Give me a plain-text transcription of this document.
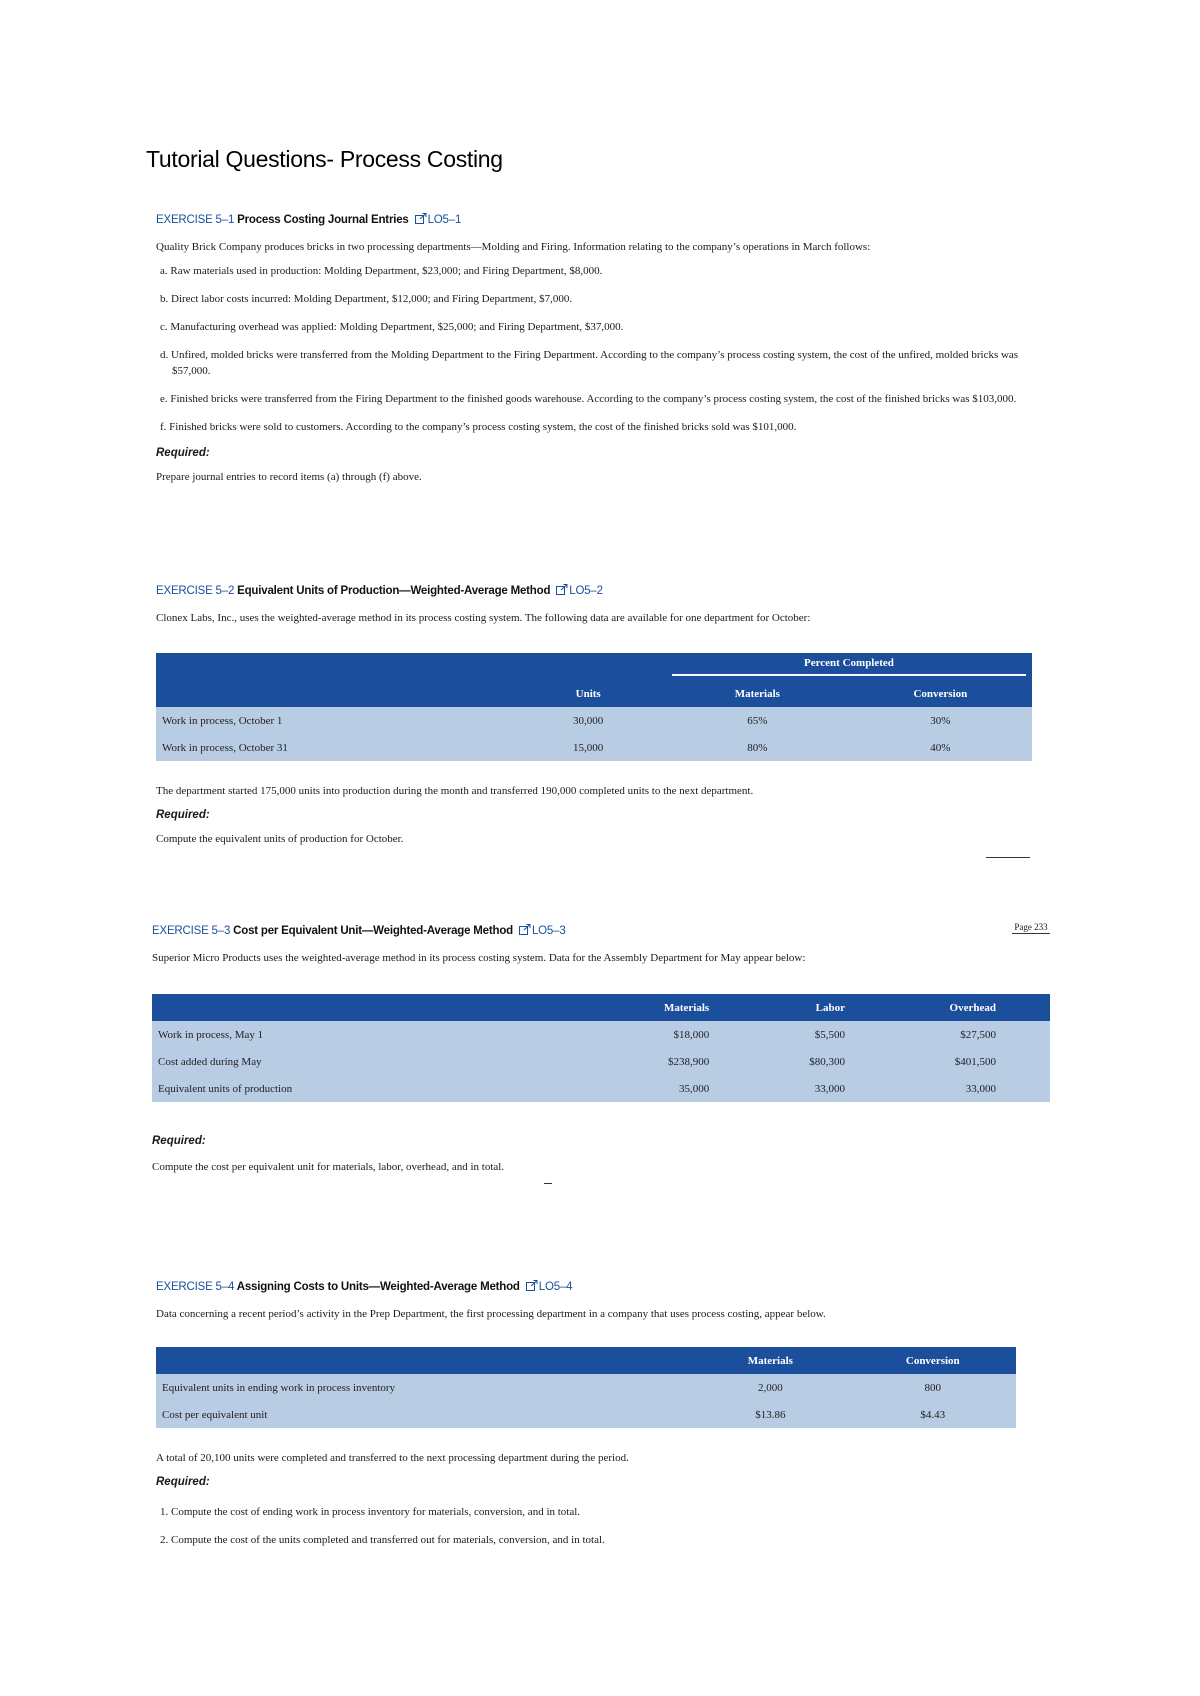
Tutorial Questions- Process Costing
EXERCISE 5–1 Process Costing Journal Entries LO5–1
Quality Brick Company produces bricks in two processing departments—Molding and Firing. Information relating to the company’s operations in March follows:
a. Raw materials used in production: Molding Department, $23,000; and Firing Department, $8,000.
b. Direct labor costs incurred: Molding Department, $12,000; and Firing Department, $7,000.
c. Manufacturing overhead was applied: Molding Department, $25,000; and Firing Department, $37,000.
d. Unfired, molded bricks were transferred from the Molding Department to the Firing Department. According to the company’s process costing system, the cost of the unfired, molded bricks was $57,000.
e. Finished bricks were transferred from the Firing Department to the finished goods warehouse. According to the company’s process costing system, the cost of the finished bricks was $103,000.
f. Finished bricks were sold to customers. According to the company’s process costing system, the cost of the finished bricks sold was $101,000.
Required:
Prepare journal entries to record items (a) through (f) above.
EXERCISE 5–2 Equivalent Units of Production—Weighted-Average Method LO5–2
Clonex Labs, Inc., uses the weighted-average method in its process costing system. The following data are available for one department for October:

		Percent Completed	

	Units	Materials	Conversion
Work in process, October 1	30,000	65%	30%
Work in process, October 31	15,000	80%	40%
The department started 175,000 units into production during the month and transferred 190,000 completed units to the next department.
Required:
Compute the equivalent units of production for October.
Page 233
EXERCISE 5–3 Cost per Equivalent Unit—Weighted-Average Method LO5–3
Superior Micro Products uses the weighted-average method in its process costing system. Data for the Assembly Department for May appear below:
	Materials	Labor	Overhead
Work in process, May 1	$18,000	$5,500	$27,500
Cost added during May	$238,900	$80,300	$401,500
Equivalent units of production	35,000	33,000	33,000
Required:
Compute the cost per equivalent unit for materials, labor, overhead, and in total.
EXERCISE 5–4 Assigning Costs to Units—Weighted-Average Method LO5–4
Data concerning a recent period’s activity in the Prep Department, the first processing department in a company that uses process costing, appear below.
	Materials	Conversion
Equivalent units in ending work in process inventory	2,000	800
Cost per equivalent unit	$13.86	$4.43
A total of 20,100 units were completed and transferred to the next processing department during the period.
Required:
1. Compute the cost of ending work in process inventory for materials, conversion, and in total.
2. Compute the cost of the units completed and transferred out for materials, conversion, and in total.
